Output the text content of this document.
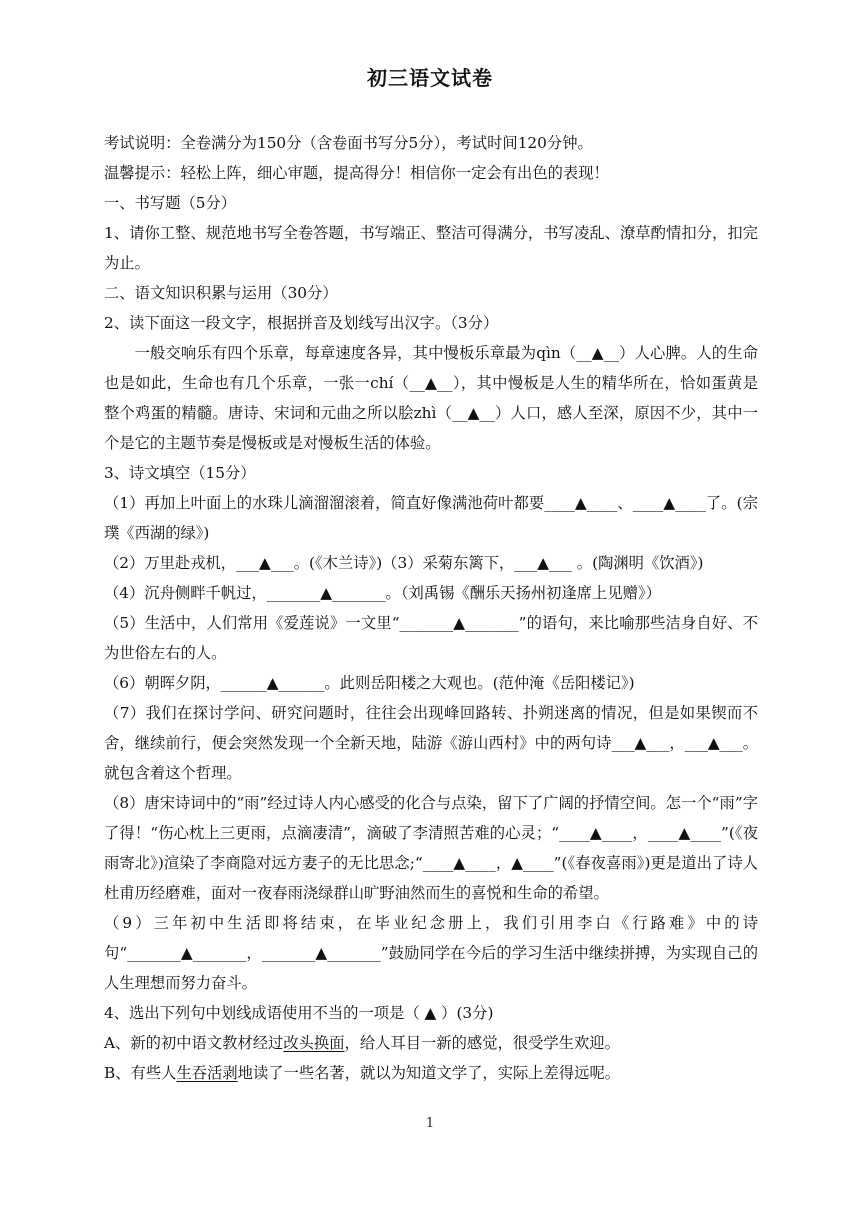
初三语文试卷

考试说明：全卷满分为150分（含卷面书写分5分），考试时间120分钟。

温馨提示：轻松上阵，细心审题，提高得分！相信你一定会有出色的表现！

一、书写题（5分）

1、请你工整、规范地书写全卷答题，书写端正、整洁可得满分，书写凌乱、潦草酌情扣分，扣完为止。

二、语文知识积累与运用（30分）

2、读下面这一段文字，根据拼音及划线写出汉字。（3分）

一般交响乐有四个乐章，每章速度各异，其中慢板乐章最为qìn（__▲__）人心脾。人的生命也是如此，生命也有几个乐章，一张一chí（__▲__），其中慢板是人生的精华所在，恰如蛋黄是整个鸡蛋的精髓。唐诗、宋词和元曲之所以脍zhì（__▲__）人口，感人至深，原因不少，其中一个是它的主题节奏是慢板或是对慢板生活的体验。

3、诗文填空（15分）

（1）再加上叶面上的水珠儿滴溜溜滚着，简直好像满池荷叶都要____▲____、____▲____了。(宗璞《西湖的绿》)

（2）万里赴戎机，___▲___。(《木兰诗》)（3）采菊东篱下，___▲___ 。(陶渊明《饮酒》)

（4）沉舟侧畔千帆过，_______▲_______。（刘禹锡《酬乐天扬州初逢席上见赠》）

（5）生活中，人们常用《爱莲说》一文里“_______▲_______”的语句，来比喻那些洁身自好、不为世俗左右的人。

（6）朝晖夕阴，______▲______。此则岳阳楼之大观也。(范仲淹《岳阳楼记》)

（7）我们在探讨学问、研究问题时，往往会出现峰回路转、扑朔迷离的情况，但是如果锲而不舍，继续前行，便会突然发现一个全新天地，陆游《游山西村》中的两句诗___▲___，___▲___。就包含着这个哲理。

（8）唐宋诗词中的“雨”经过诗人内心感受的化合与点染，留下了广阔的抒情空间。怎一个“雨”字了得！“伤心枕上三更雨，点滴凄清”，滴破了李清照苦难的心灵；“____▲____，____▲____”(《夜雨寄北》)渲染了李商隐对远方妻子的无比思念;“____▲____，▲____”(《春夜喜雨》)更是道出了诗人杜甫历经磨难，面对一夜春雨浇绿群山旷野油然而生的喜悦和生命的希望。

（9）三年初中生活即将结束，在毕业纪念册上，我们引用李白《行路难》中的诗句“_______▲_______，_______▲_______”鼓励同学在今后的学习生活中继续拼搏，为实现自己的人生理想而努力奋斗。

4、选出下列句中划线成语使用不当的一项是（ ▲ ）(3分)

A、新的初中语文教材经过改头换面，给人耳目一新的感觉，很受学生欢迎。

B、有些人生吞活剥地读了一些名著，就以为知道文学了，实际上差得远呢。

1
